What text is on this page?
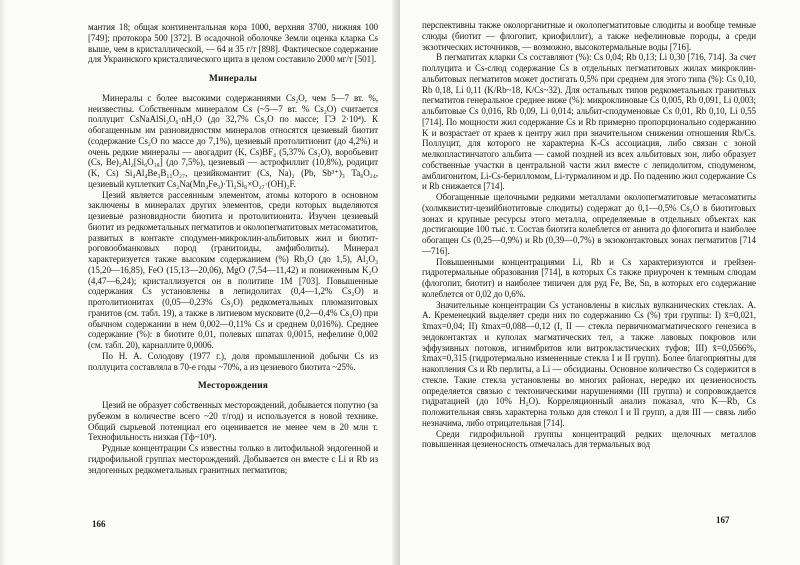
мантия 18; общая континентальная кора 1000, верхняя 3700, нижняя 100 [749]; протокора 500 [372]. В осадочной оболочке Земли оценка кларка Cs выше, чем в кристаллической, — 64 и 35 г/т [898]. Фактическое содержание для Украинского кристаллического щита в целом составило 2000 мг/т [501].

Минералы

Минералы с более высокими содержаниями Cs₂O, чем 5—7 вт. %, неизвестны. Собственным минералом Cs (~5—7 вт. % Cs₂O) считается поллуцит CsNaAlSi₂O₆·nH₂O (до 32,7% Cs₂O по массе; ГЭ 2·10⁴). К обогащенным им разновидностям минералов относятся цезиевый биотит (содержание Cs₂O по массе до 7,1%), цезиевый протолитионит (до 4,2%) и очень редкие минералы — авогадрит (K, Cs)BF₄ (5,37% Cs₂O), воробьевит (Cs, Be)₂Al₂[Si₆O₁₈] (до 7,5%), цезиевый — астрофиллит (10,8%), родицит (K, Cs) Si₄Al₄Be₃B₁₁O₂₇, цезийкомантит (Cs, Na)₂ (Pb, Sb³⁺)₃ Ta₈O₂₄, цезиевый куплеткит Cs₂Na(Mn₄Fe₃)·Ti₂Si₈×O₂₇·(OH)₂F.

Цезий является рассеянным элементом, атомы которого в основном заключены в минералах других элементов, среди которых выделяются цезиевые разновидности биотита и протолитионита. Изучен цезиевый биотит из редкометальных пегматитов и околопегматитовых метасоматитов, развитых в контакте сподумен-микроклин-альбитовых жил и биотит-роговообманковых пород (гранитоиды, амфиболиты). Минерал характеризуется также высоким содержанием (%) Rb₂O (до 1,5), Al₂O₃ (15,20—16,85), FeO (15,13—20,06), MgO (7,54—11,42) и пониженным K₂O (4,47—6,24); кристаллизуется он в политипе 1M [703]. Повышенные содержания Cs установлены в лепидолитах (0,4—1,2% Cs₂O) и протолитионитах (0,05—0,23% Cs₂O) редкометальных плюмазитовых гранитов (см. табл. 19), а также в литиевом мусковите (0,2—0,4% Cs₂O) при обычном содержании в нем 0,002—0,11% Cs и среднем 0,016%). Среднее содержание (%): в биотите 0,01, полевых шпатах 0,0015, нефелине 0,002 (см. табл. 20), карналлите 0,0006.

По Н. А. Солодову (1977 г.), доля промышленной добычи Cs из поллуцита составляла в 70-е годы ~70%, а из цезиевого биотита ~25%.

Месторождения

Цезий не образует собственных месторождений, добывается попутно (за рубежом в количестве всего ~20 т/год) и используется в новой технике. Общий сырьевой потенциал его оценивается не менее чем в 20 млн т. Технофильность низкая (Тф~10⁸).

Рудные концентрации Cs известны только в литофильной эндогенной и гидрофильной группах месторождений. Добывается он вместе с Li и Rb из эндогенных редкометальных гранитных пегматитов;

166

перспективны также околорганитные и околопегматитовые слюдиты и вообще темные слюды (биотит — флогопит, криофиллит), а также нефелиновые породы, а среди экзотических источников, — возможно, высокотермальные воды [716].

В пегматитах кларки Cs составляют (%): Cs 0,04; Rb 0,13; Li 0,30 [716, 714]. За счет поллуцита и Cs-слюд содержание Cs в отдельных пегматитовых жилах микроклин-альбитовых пегматитов может достигать 0,5% при среднем для этого типа (%): Cs 0,10, Rb 0,18, Li 0,11 (K/Rb~18, K/Cs~32). Для остальных типов редкометальных гранитных пегматитов генеральное среднее ниже (%): микроклиновые Cs 0,005, Rb 0,091, Li 0,003; альбитовые Cs 0,016, Rb 0,09, Li 0,014; альбит-сподуменовые Cs 0,01, Rb 0,10, Li 0,55 [714]. По мощности жил содержание Cs и Rb примерно пропорционально содержанию K и возрастает от краев к центру жил при значительном снижении отношения Rb/Cs. Поллуцит, для которого не характерна K-Cs ассоциация, либо связан с зоной мелкопластинчатого альбита — самой поздней из всех альбитовых зон, либо образует собственные участки в центральной части жил вместе с лепидолитом, сподуменом, амблигонитом, Li-Cs-берилломом, Li-турмалином и др. По падению жил содержание Cs и Rb снижается [714].

Обогащенные щелочными редкими металлами околопегматитовые метасоматиты (холмквистит-цезийбиотитовые слюдиты) содержат до 0,1—0,5% Cs₂O в биотитовых зонах и крупные ресурсы этого металла, определяемые в отдельных объектах как достигающие 100 тыс. т. Состав биотита колеблется от аннита до флогопита и наиболее обогащен Cs (0,25—0,9%) и Rb (0,39—0,7%) в экзоконтактовых зонах пегматитов [714—716].

Повышенными концентрациями Li, Rb и Cs характеризуются и грейзен-гидротермальные образования [714], в которых Cs также приурочен к темным слюдам (флогопит, биотит) и наиболее типичен для руд Fe, Be, Sn, в которых его содержание колеблется от 0,02 до 0,6%.

Значительные концентрации Cs установлены в кислых вулканических стеклах. А. А. Кременецкий выделяет среди них по содержанию Cs (%) три группы: I) x̄=0,021, x̄max=0,04; II) x̄max=0,088—0,12 (I, II — стекла первичномагматического генезиса в эндоконтактах и куполах магматических тел, а также лавовых покровов или эффузивных потоков, игнимбритов или витрокластических туфов; III) x̄=0,0566%, x̄max=0,315 (гидротермально измененные стекла I и II групп). Более благоприятны для накопления Cs и Rb перлиты, а Li — обсидианы. Основное количество Cs содержится в стекле. Такие стекла установлены во многих районах, нередко их цезиеносность определяется связью с тектоническими нарушениями (III группа) и сопровождается гидратацией (до 10% H₂O). Корреляционный анализ показал, что K—Rb, Cs положительная связь характерна только для стекол I и II групп, а для III — связь либо незначима, либо отрицательная [714].

Среди гидрофильной группы концентраций редких щелочных металлов повышенная цезиеносность отмечалась для термальных вод

167
